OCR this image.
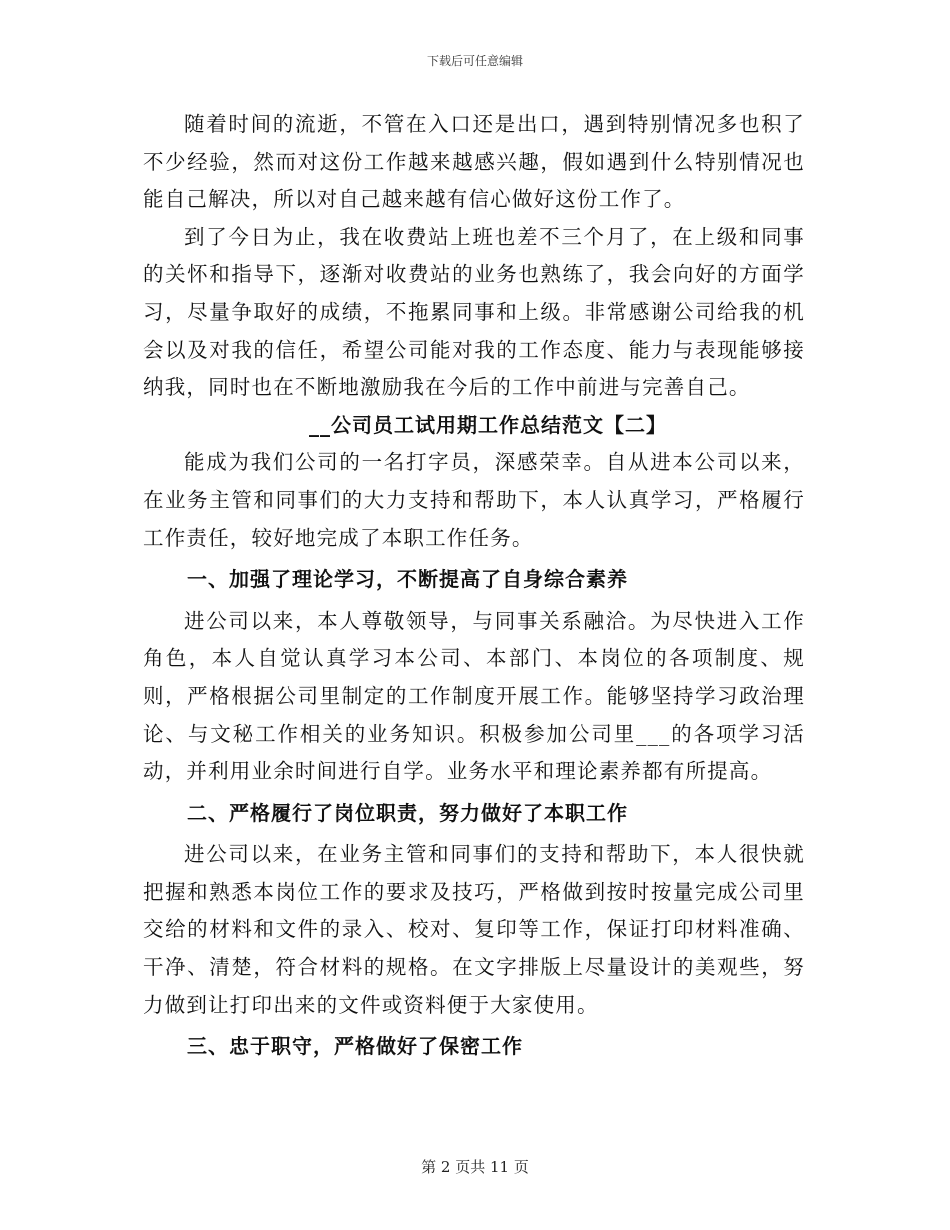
下载后可任意编辑

随着时间的流逝，不管在入口还是出口，遇到特别情况多也积了不少经验，然而对这份工作越来越感兴趣，假如遇到什么特别情况也能自己解决，所以对自己越来越有信心做好这份工作了。

到了今日为止，我在收费站上班也差不三个月了，在上级和同事的关怀和指导下，逐渐对收费站的业务也熟练了，我会向好的方面学习，尽量争取好的成绩，不拖累同事和上级。非常感谢公司给我的机会以及对我的信任，希望公司能对我的工作态度、能力与表现能够接纳我，同时也在不断地激励我在今后的工作中前进与完善自己。

__公司员工试用期工作总结范文【二】

能成为我们公司的一名打字员，深感荣幸。自从进本公司以来，在业务主管和同事们的大力支持和帮助下，本人认真学习，严格履行工作责任，较好地完成了本职工作任务。

一、加强了理论学习，不断提高了自身综合素养

进公司以来，本人尊敬领导，与同事关系融洽。为尽快进入工作角色，本人自觉认真学习本公司、本部门、本岗位的各项制度、规则，严格根据公司里制定的工作制度开展工作。能够坚持学习政治理论、与文秘工作相关的业务知识。积极参加公司里___的各项学习活动，并利用业余时间进行自学。业务水平和理论素养都有所提高。

二、严格履行了岗位职责，努力做好了本职工作

进公司以来，在业务主管和同事们的支持和帮助下，本人很快就把握和熟悉本岗位工作的要求及技巧，严格做到按时按量完成公司里交给的材料和文件的录入、校对、复印等工作，保证打印材料准确、干净、清楚，符合材料的规格。在文字排版上尽量设计的美观些，努力做到让打印出来的文件或资料便于大家使用。

三、忠于职守，严格做好了保密工作

第 2 页共 11 页
